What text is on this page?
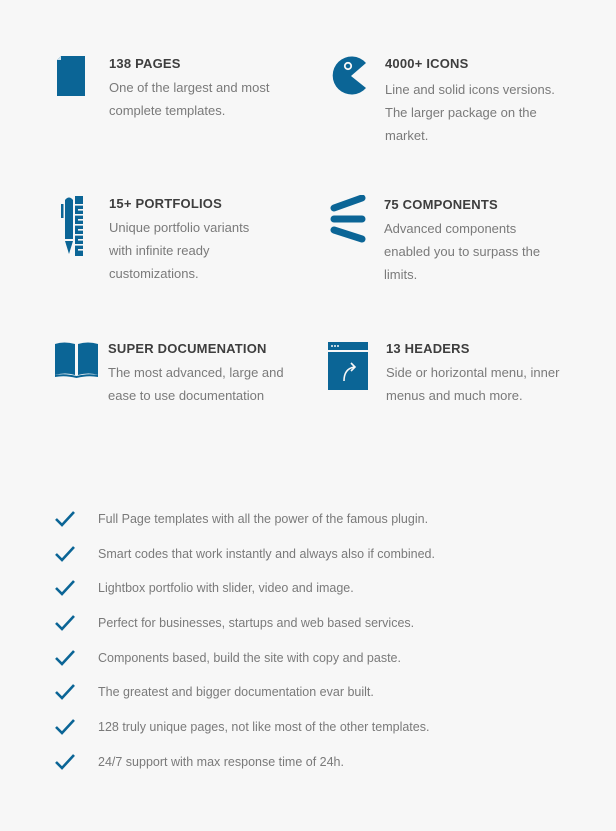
138 PAGES
One of the largest and most complete templates.
4000+ ICONS
Line and solid icons versions. The larger package on the market.
15+ PORTFOLIOS
Unique portfolio variants with infinite ready customizations.
75 COMPONENTS
Advanced components enabled you to surpass the limits.
SUPER DOCUMENATION
The most advanced, large and ease to use documentation
13 HEADERS
Side or horizontal menu, inner menus and much more.
Full Page templates with all the power of the famous plugin.
Smart codes that work instantly and always also if combined.
Lightbox portfolio with slider, video and image.
Perfect for businesses, startups and web based services.
Components based, build the site with copy and paste.
The greatest and bigger documentation evar built.
128 truly unique pages, not like most of the other templates.
24/7 support with max response time of 24h.
